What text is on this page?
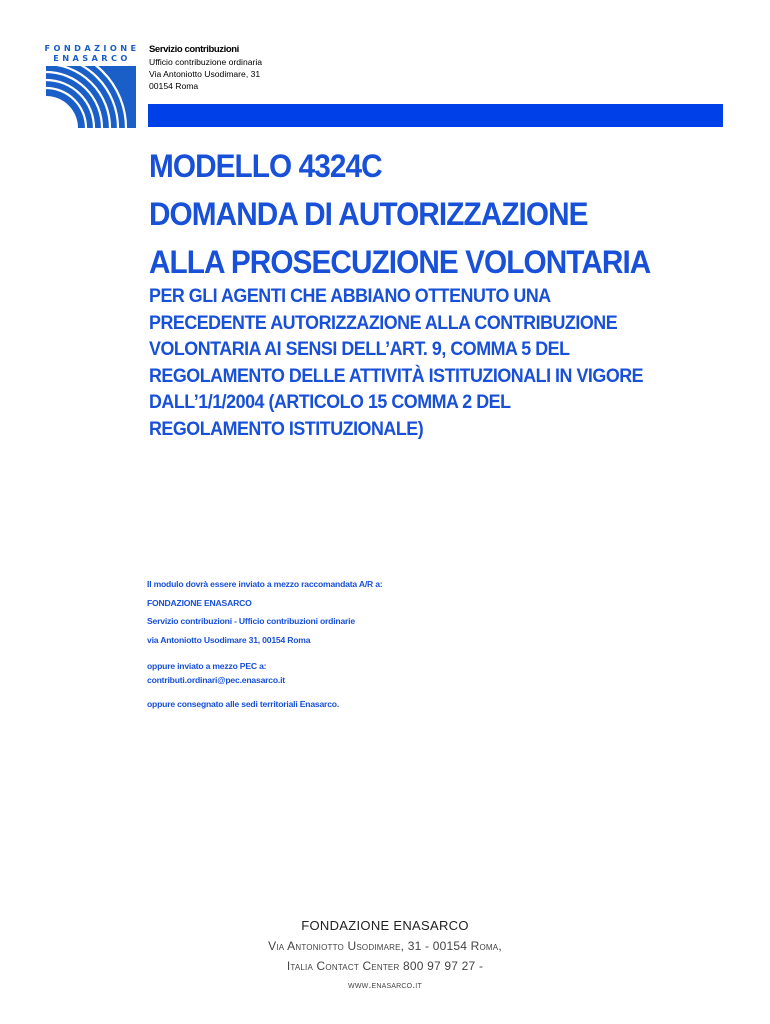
FONDAZIONE
ENASARCO
Servizio contribuzioni
Ufficio contribuzione ordinaria
Via Antoniotto Usodimare, 31
00154 Roma
MODELLO 4324C
DOMANDA DI AUTORIZZAZIONE
ALLA PROSECUZIONE VOLONTARIA
PER GLI AGENTI CHE ABBIANO OTTENUTO UNA
PRECEDENTE AUTORIZZAZIONE ALLA CONTRIBUZIONE
VOLONTARIA AI SENSI DELL’ART. 9, COMMA 5 DEL
REGOLAMENTO DELLE ATTIVITÀ ISTITUZIONALI IN VIGORE
DALL’1/1/2004 (ARTICOLO 15 COMMA 2 DEL
REGOLAMENTO ISTITUZIONALE)
Il modulo dovrà essere inviato a mezzo raccomandata A/R a:
FONDAZIONE ENASARCO
Servizio contribuzioni - Ufficio contribuzioni ordinarie
via Antoniotto Usodimare 31, 00154 Roma
oppure inviato a mezzo PEC a:
contributi.ordinari@pec.enasarco.it
oppure consegnato alle sedi territoriali Enasarco.
FONDAZIONE ENASARCO
Via Antoniotto Usodimare, 31 - 00154 Roma,
Italia Contact Center 800 97 97 27 -
www.enasarco.it
